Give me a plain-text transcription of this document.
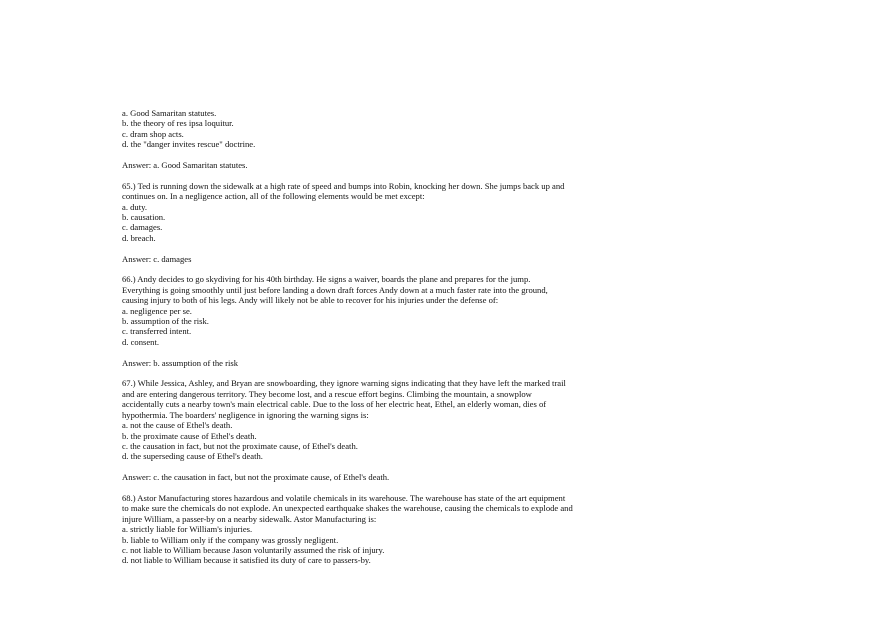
a. Good Samaritan statutes.
b. the theory of res ipsa loquitur.
c. dram shop acts.
d. the "danger invites rescue" doctrine.
Answer: a. Good Samaritan statutes.
65.) Ted is running down the sidewalk at a high rate of speed and bumps into Robin, knocking her down. She jumps back up and
continues on. In a negligence action, all of the following elements would be met except:
a. duty.
b. causation.
c. damages.
d. breach.
Answer: c. damages
66.) Andy decides to go skydiving for his 40th birthday. He signs a waiver, boards the plane and prepares for the jump.
Everything is going smoothly until just before landing a down draft forces Andy down at a much faster rate into the ground,
causing injury to both of his legs. Andy will likely not be able to recover for his injuries under the defense of:
a. negligence per se.
b. assumption of the risk.
c. transferred intent.
d. consent.
Answer: b. assumption of the risk
67.) While Jessica, Ashley, and Bryan are snowboarding, they ignore warning signs indicating that they have left the marked trail
and are entering dangerous territory. They become lost, and a rescue effort begins. Climbing the mountain, a snowplow
accidentally cuts a nearby town's main electrical cable. Due to the loss of her electric heat, Ethel, an elderly woman, dies of
hypothermia. The boarders' negligence in ignoring the warning signs is:
a. not the cause of Ethel's death.
b. the proximate cause of Ethel's death.
c. the causation in fact, but not the proximate cause, of Ethel's death.
d. the superseding cause of Ethel's death.
Answer: c. the causation in fact, but not the proximate cause, of Ethel's death.
68.) Astor Manufacturing stores hazardous and volatile chemicals in its warehouse. The warehouse has state of the art equipment
to make sure the chemicals do not explode. An unexpected earthquake shakes the warehouse, causing the chemicals to explode and
injure William, a passer-by on a nearby sidewalk. Astor Manufacturing is:
a. strictly liable for William's injuries.
b. liable to William only if the company was grossly negligent.
c. not liable to William because Jason voluntarily assumed the risk of injury.
d. not liable to William because it satisfied its duty of care to passers-by.
